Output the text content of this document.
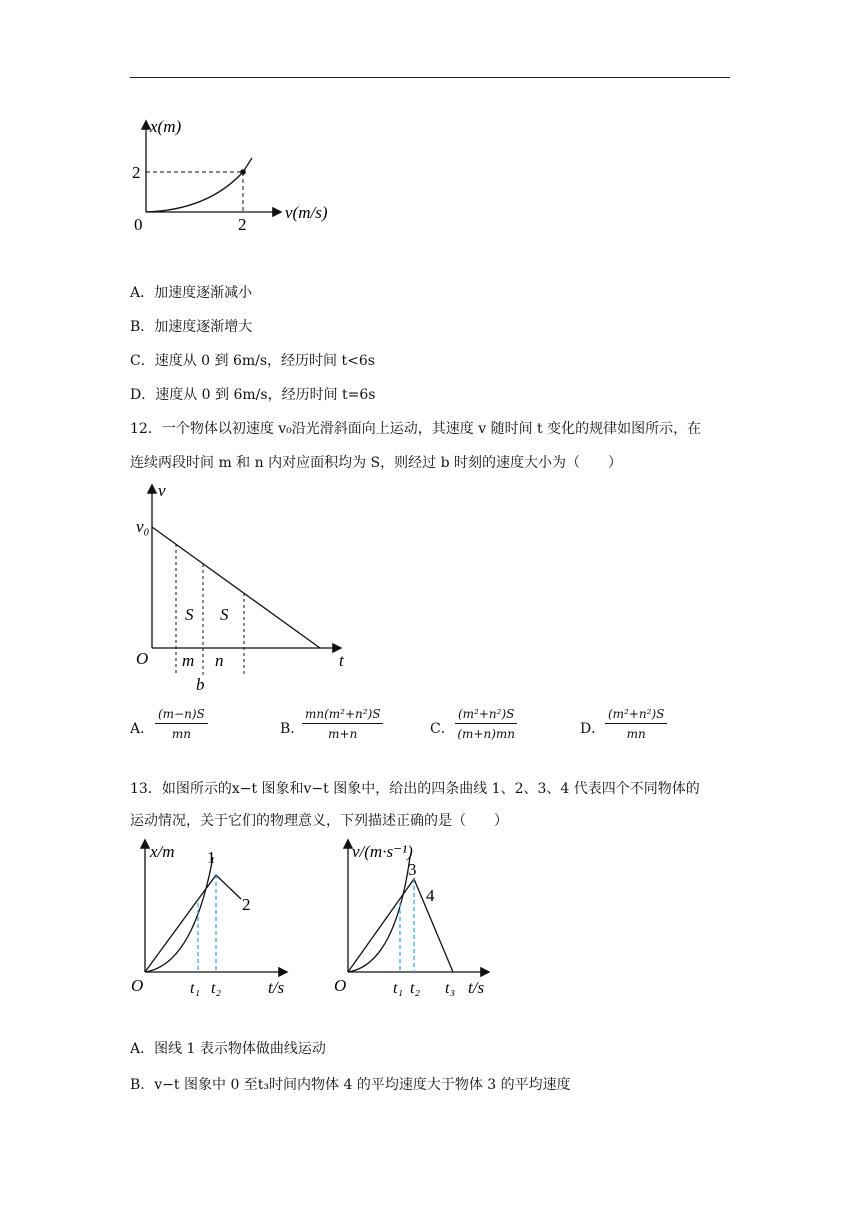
x(m)
v(m/s)
0
2
2
A．加速度逐渐减小
B．加速度逐渐增大
C．速度从 0 到 6m/s，经历时间 t<6s
D．速度从 0 到 6m/s，经历时间 t=6s
12．一个物体以初速度 v₀沿光滑斜面向上运动，其速度 v 随时间 t 变化的规律如图所示，在
连续两段时间 m 和 n 内对应面积均为 S，则经过 b 时刻的速度大小为（　　）
v
v₀
O	t
S S
m n
b
A． $\frac{(m-n)S}{mn}$	B．
$\frac{\text{mn(m²+n²)S}}{m+n}$	C． $\frac{\text{(m²+n²)S}}{(m+n)mn}$	D． $\frac{\text{(m²+n²)S}}{mn}$
13．如图所示的x−t 图象和v−t 图象中，给出的四条曲线 1、2、3、4 代表四个不同物体的
运动情况，关于它们的物理意义，下列描述正确的是（　　）
x/m 1
2
O	t₁ t₂	t/s
v/(m·s⁻¹)
3
4
O	t₁ t₂ t₃ t/s
A．图线 1 表示物体做曲线运动
B．v−t 图象中 0 至t₃时间内物体 4 的平均速度大于物体 3 的平均速度
